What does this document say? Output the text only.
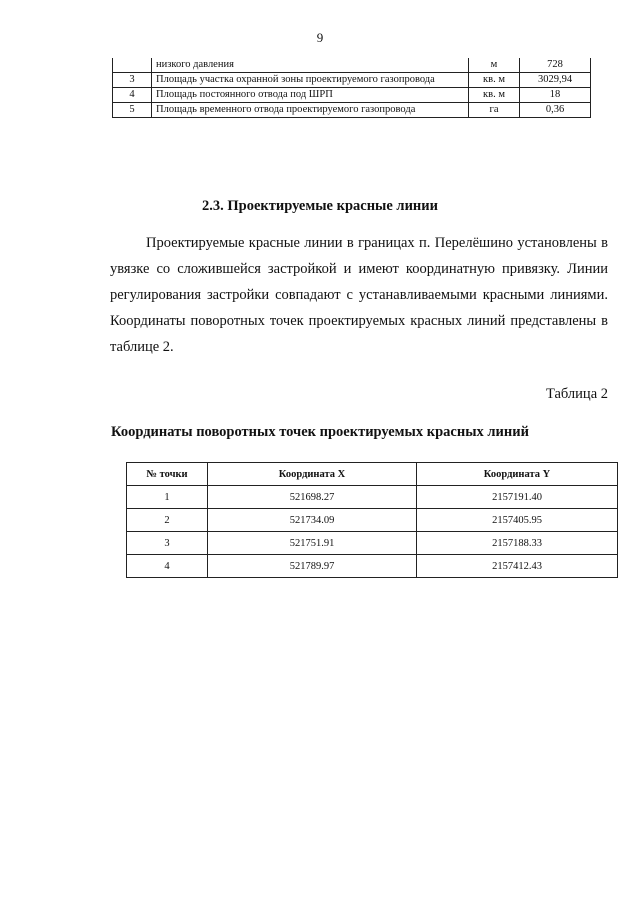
9
	низкого давления	м	728
3	Площадь участка охранной зоны проектируемого газопровода	кв. м	3029,94
4	Площадь постоянного отвода под ШРП	кв. м	18
5	Площадь временного отвода проектируемого газопровода	га	0,36
2.3. Проектируемые красные линии

Проектируемые красные линии в границах п. Перелёшино установлены в увязке со сложившейся застройкой и имеют координатную привязку. Линии регулирования застройки совпадают с устанавливаемыми красными линиями. Координаты поворотных точек проектируемых красных линий представлены в таблице 2.

Таблица 2
Координаты поворотных точек проектируемых красных линий
№ точки	Координата X	Координата Y
1	521698.27	2157191.40
2	521734.09	2157405.95
3	521751.91	2157188.33
4	521789.97	2157412.43
